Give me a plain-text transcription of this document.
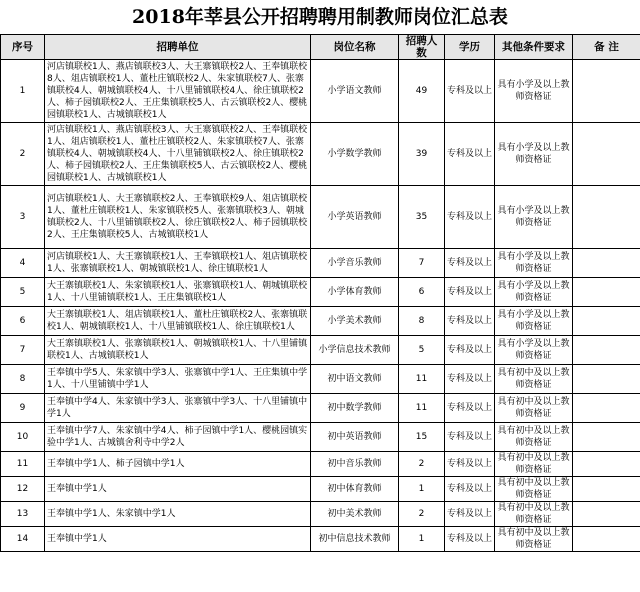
2018年莘县公开招聘聘用制教师岗位汇总表
序号	招聘单位	岗位名称	招聘人数	学历	其他条件要求	备 注
1	河店镇联校1人、燕店镇联校3人、大王寨镇联校2人、王奉镇联校8人、俎店镇联校1人、董杜庄镇联校2人、朱家镇联校7人、张寨镇联校4人、朝城镇联校4人、十八里铺镇联校4人、徐庄镇联校2人、柿子园镇联校2人、王庄集镇联校5人、古云镇联校2人、樱桃园镇联校1人、古城镇联校1人	小学语文教师	49	专科及以上	具有小学及以上教师资格证	
2	河店镇联校1人、燕店镇联校3人、大王寨镇联校2人、王奉镇联校1人、俎店镇联校1人、董杜庄镇联校2人、朱家镇联校7人、张寨镇联校4人、朝城镇联校4人、十八里铺镇联校2人、徐庄镇联校2人、柿子园镇联校2人、王庄集镇联校5人、古云镇联校2人、樱桃园镇联校1人、古城镇联校1人	小学数学教师	39	专科及以上	具有小学及以上教师资格证	
3	河店镇联校1人、大王寨镇联校2人、王奉镇联校9人、俎店镇联校1人、董杜庄镇联校1人、朱家镇联校5人、张寨镇联校3人、朝城镇联校2人、十八里铺镇联校2人、徐庄镇联校2人、柿子园镇联校2人、王庄集镇联校5人、古城镇联校1人	小学英语教师	35	专科及以上	具有小学及以上教师资格证	
4	河店镇联校1人、大王寨镇联校1人、王奉镇联校1人、俎店镇联校1人、张寨镇联校1人、朝城镇联校1人、徐庄镇联校1人	小学音乐教师	7	专科及以上	具有小学及以上教师资格证	
5	大王寨镇联校1人、朱家镇联校1人、张寨镇联校1人、朝城镇联校1人、十八里铺镇联校1人、王庄集镇联校1人	小学体育教师	6	专科及以上	具有小学及以上教师资格证	
6	大王寨镇联校1人、俎店镇联校1人、董杜庄镇联校2人、张寨镇联校1人、朝城镇联校1人、十八里铺镇联校1人、徐庄镇联校1人	小学美术教师	8	专科及以上	具有小学及以上教师资格证	
7	大王寨镇联校1人、张寨镇联校1人、朝城镇联校1人、十八里铺镇联校1人、古城镇联校1人	小学信息技术教师	5	专科及以上	具有小学及以上教师资格证	
8	王奉镇中学5人、朱家镇中学3人、张寨镇中学1人、王庄集镇中学1人、十八里铺镇中学1人	初中语文教师	11	专科及以上	具有初中及以上教师资格证	
9	王奉镇中学4人、朱家镇中学3人、张寨镇中学3人、十八里铺镇中学1人	初中数学教师	11	专科及以上	具有初中及以上教师资格证	
10	王奉镇中学7人、朱家镇中学4人、柿子园镇中学1人、樱桃园镇实验中学1人、古城镇舍利寺中学2人	初中英语教师	15	专科及以上	具有初中及以上教师资格证	
11	王奉镇中学1人、柿子园镇中学1人	初中音乐教师	2	专科及以上	具有初中及以上教师资格证	
12	王奉镇中学1人	初中体育教师	1	专科及以上	具有初中及以上教师资格证	
13	王奉镇中学1人、朱家镇中学1人	初中美术教师	2	专科及以上	具有初中及以上教师资格证	
14	王奉镇中学1人	初中信息技术教师	1	专科及以上	具有初中及以上教师资格证	
